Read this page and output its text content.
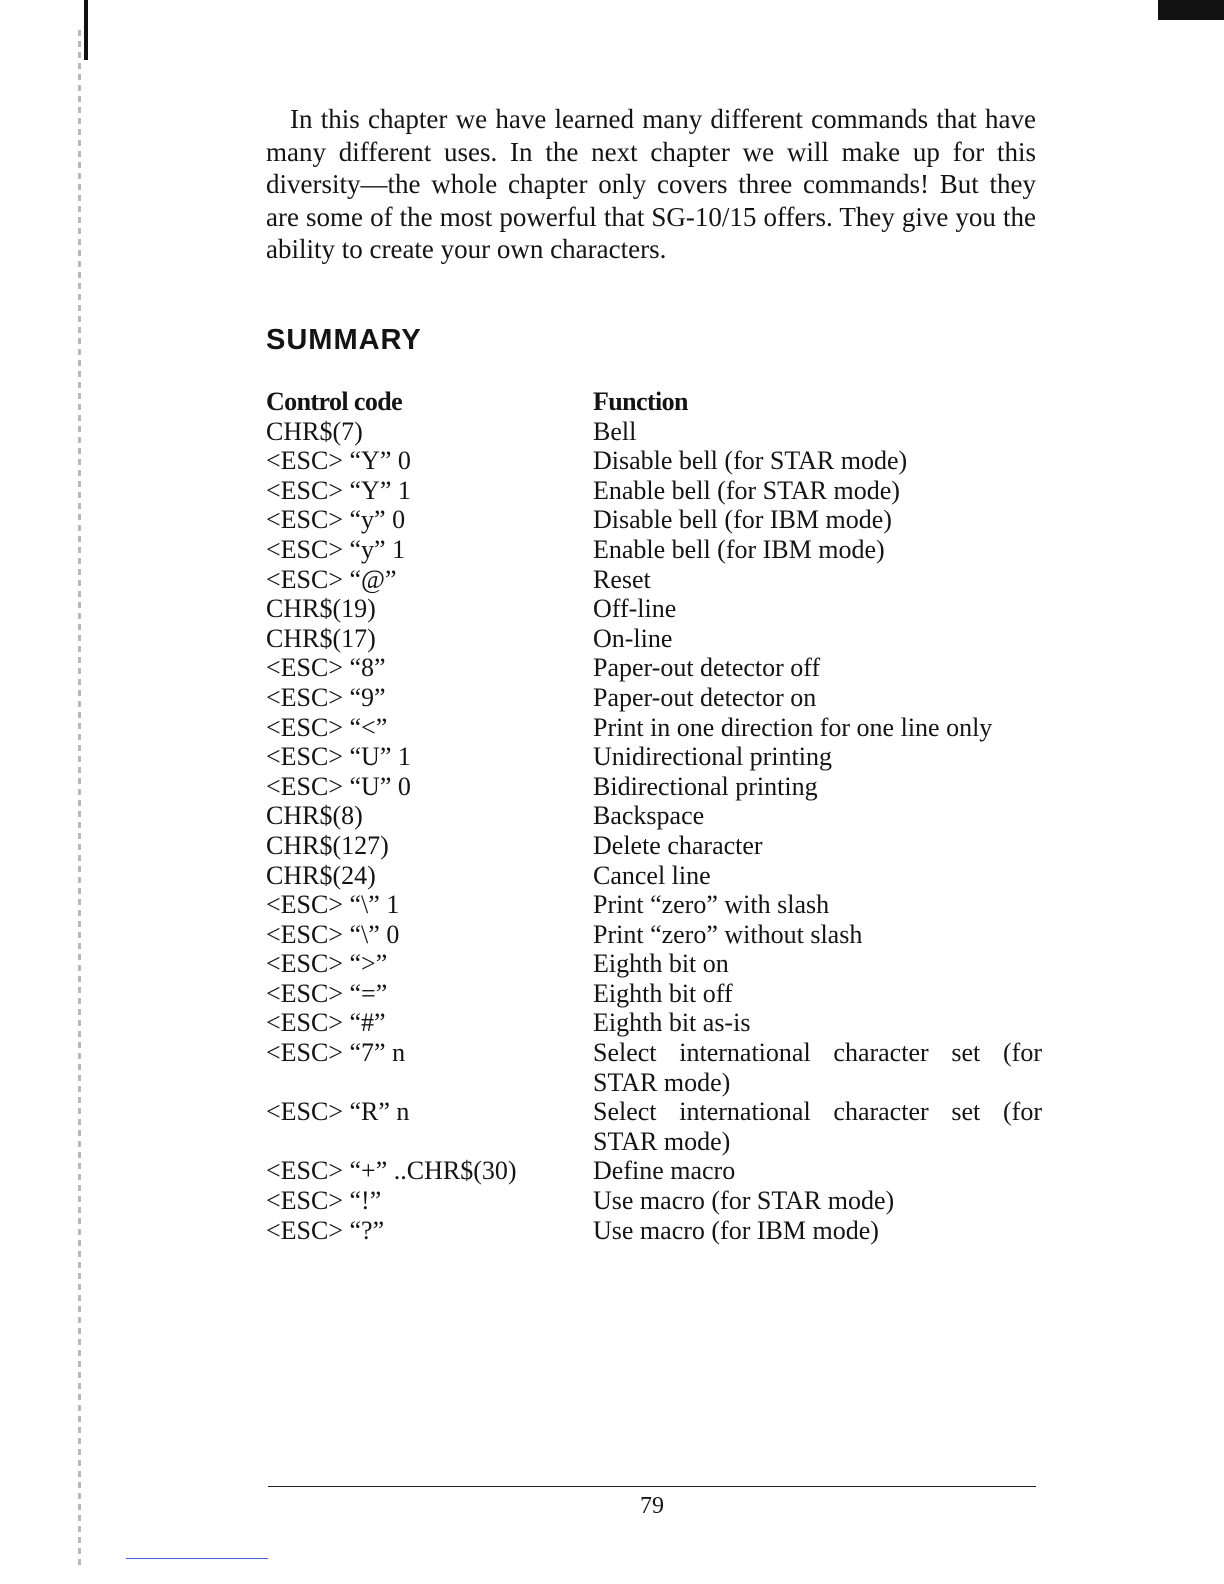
In this chapter we have learned many different commands that have many different uses. In the next chapter we will make up for this diversity—the whole chapter only covers three commands! But they are some of the most powerful that SG-10/15 offers. They give you the ability to create your own characters.

SUMMARY
Control code	Function
CHR$(7)	Bell
<ESC> “Y” 0	Disable bell (for STAR mode)
<ESC> “Y” 1	Enable bell (for STAR mode)
<ESC> “y” 0	Disable bell (for IBM mode)
<ESC> “y” 1	Enable bell (for IBM mode)
<ESC> “@”	Reset
CHR$(19)	Off-line
CHR$(17)	On-line
<ESC> “8”	Paper-out detector off
<ESC> “9”	Paper-out detector on
<ESC> “<”	Print in one direction for one line only
<ESC> “U” 1	Unidirectional printing
<ESC> “U” 0	Bidirectional printing
CHR$(8)	Backspace
CHR$(127)	Delete character
CHR$(24)	Cancel line
<ESC> “\” 1	Print “zero” with slash
<ESC> “\” 0	Print “zero” without slash
<ESC> “>”	Eighth bit on
<ESC> “=”	Eighth bit off
<ESC> “#”	Eighth bit as-is
<ESC> “7” n	Select international character set (for STAR mode)
<ESC> “R” n	Select international character set (for STAR mode)
<ESC> “+” ..CHR$(30)	Define macro
<ESC> “!”	Use macro (for STAR mode)
<ESC> “?”	Use macro (for IBM mode)

79
